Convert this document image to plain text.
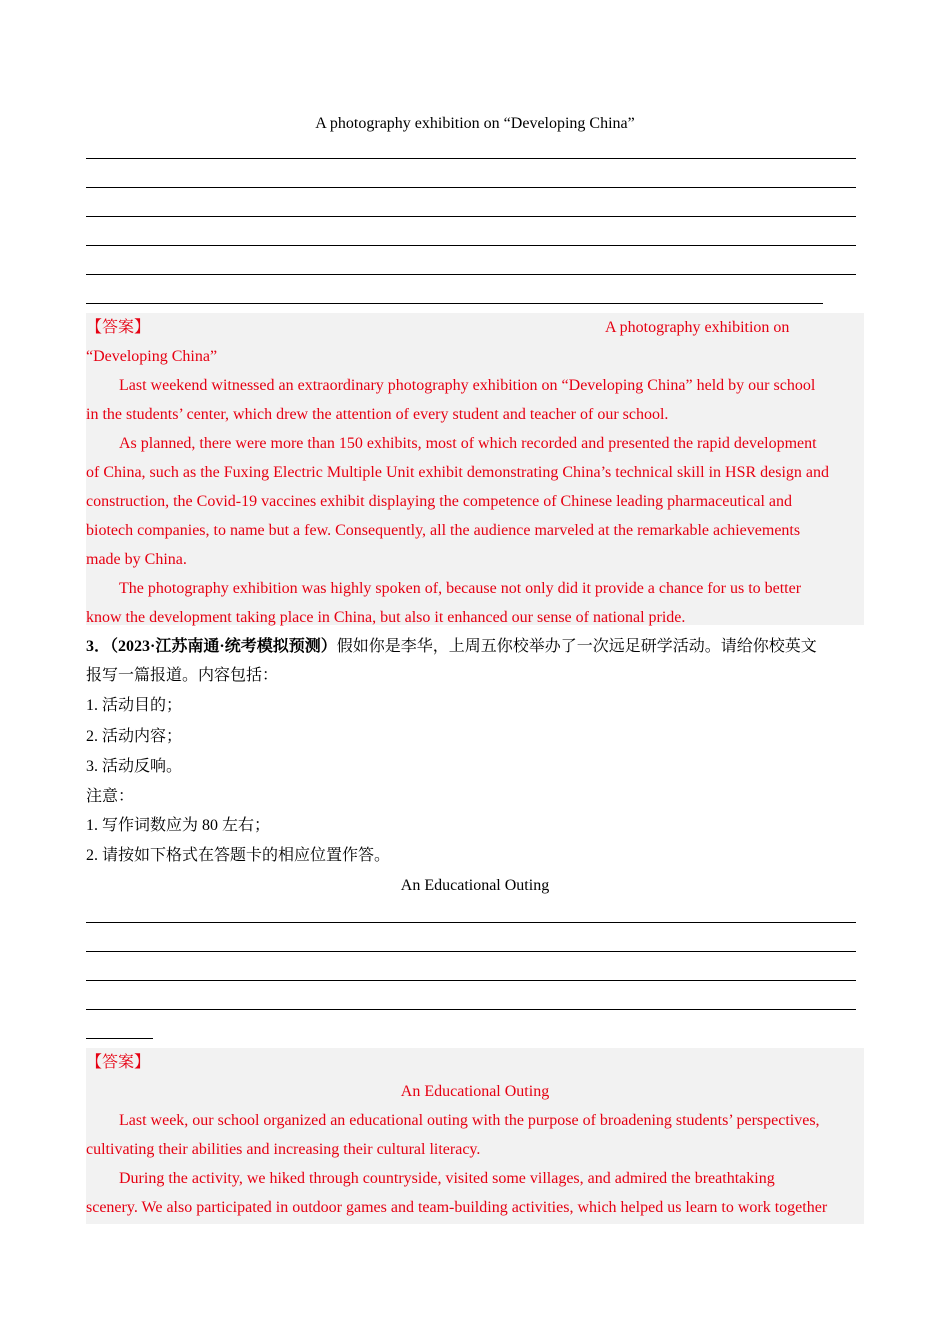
A photography exhibition on “Developing China”
【答案】	A photography exhibition on
“Developing China”
Last weekend witnessed an extraordinary photography exhibition on “Developing China” held by our school
in the students’ center, which drew the attention of every student and teacher of our school.
As planned, there were more than 150 exhibits, most of which recorded and presented the rapid development
of China, such as the Fuxing Electric Multiple Unit exhibit demonstrating China’s technical skill in HSR design and
construction, the Covid-19 vaccines exhibit displaying the competence of Chinese leading pharmaceutical and
biotech companies, to name but a few. Consequently, all the audience marveled at the remarkable achievements
made by China.
The photography exhibition was highly spoken of, because not only did it provide a chance for us to better
know the development taking place in China, but also it enhanced our sense of national pride.
3．（2023·江苏南通·统考模拟预测）假如你是李华，上周五你校举办了一次远足研学活动。请给你校英文
报写一篇报道。内容包括：
1. 活动目的；
2. 活动内容；
3. 活动反响。
注意：
1. 写作词数应为 80 左右；
2. 请按如下格式在答题卡的相应位置作答。
An Educational Outing
【答案】
An Educational Outing
Last week, our school organized an educational outing with the purpose of broadening students’ perspectives,
cultivating their abilities and increasing their cultural literacy.
During the activity, we hiked through countryside, visited some villages, and admired the breathtaking
scenery. We also participated in outdoor games and team-building activities, which helped us learn to work together
